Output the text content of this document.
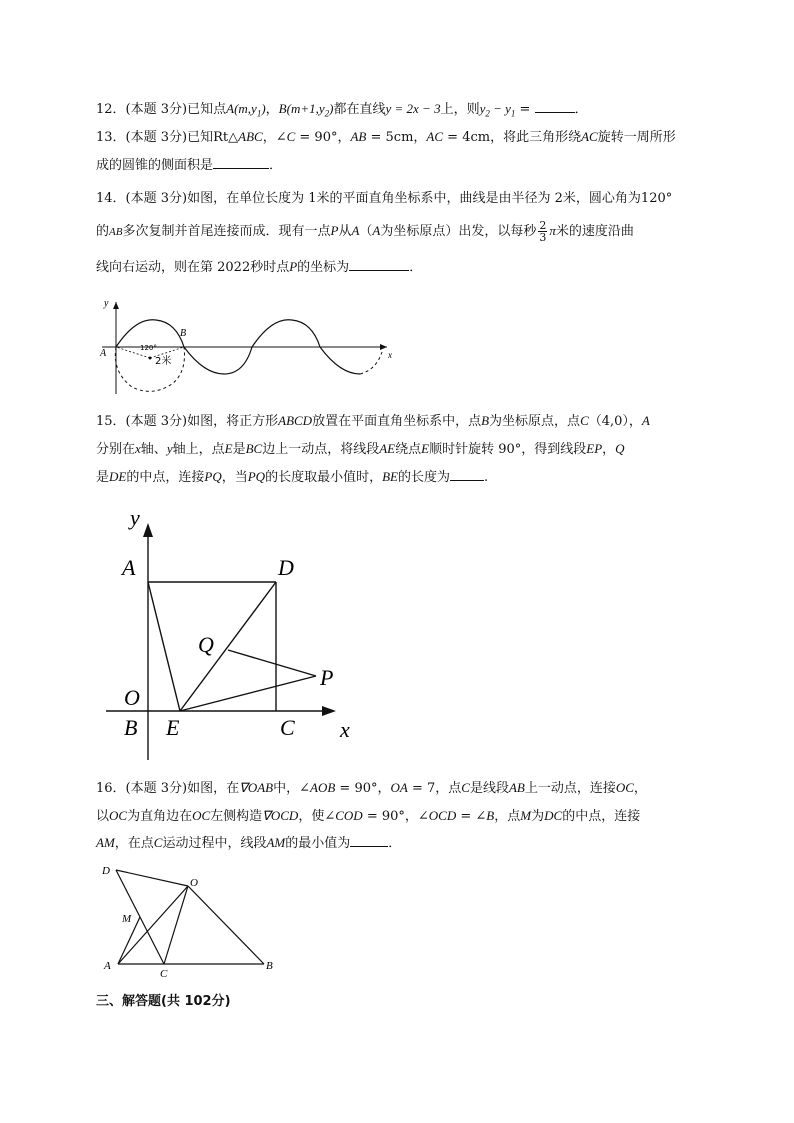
12．(本题 3分)已知点$A(m,y_1)$，$B(m+1,y_2)$都在直线y = 2x − 3上，则$y_2 - y_1$ =	．
13．(本题 3分)已知Rt△ABC，∠C = 90°，AB = 5cm，AC = 4cm，将此三角形绕AC旋转一周所形
成的圆锥的侧面积是	．
14．(本题 3分)如图，在单位长度为 1米的平面直角坐标系中，曲线是由半径为 2米，圆心角为120°
的AB多次复制并首尾连接而成．现有一点P从A（A为坐标原点）出发，以每秒 $\frac{2}{3}$ π米的速度沿曲
线向右运动，则在第 2022秒时点P的坐标为	．
y
x
A
B
120°
2米
15．(本题 3分)如图，将正方形ABCD放置在平面直角坐标系中，点B为坐标原点，点C（4,0），A
分别在x轴、y轴上，点E是BC边上一动点，将线段AE绕点E顺时针旋转 90°，得到线段EP，Q
是DE的中点，连接PQ，当PQ的长度取最小值时，BE的长度为	.
y
x
A	D
Q
P
O
B E	C
16．(本题 3分)如图，在∇OAB中，∠AOB = 90°，OA = 7，点C是线段AB上一动点，连接OC，
以OC为直角边在OC左侧构造∇OCD，使∠COD = 90°，∠OCD = ∠B，点M为DC的中点，连接
AM，在点C运动过程中，线段AM的最小值为	．
D
O
M
A
C
B
三、解答题(共 102分)
